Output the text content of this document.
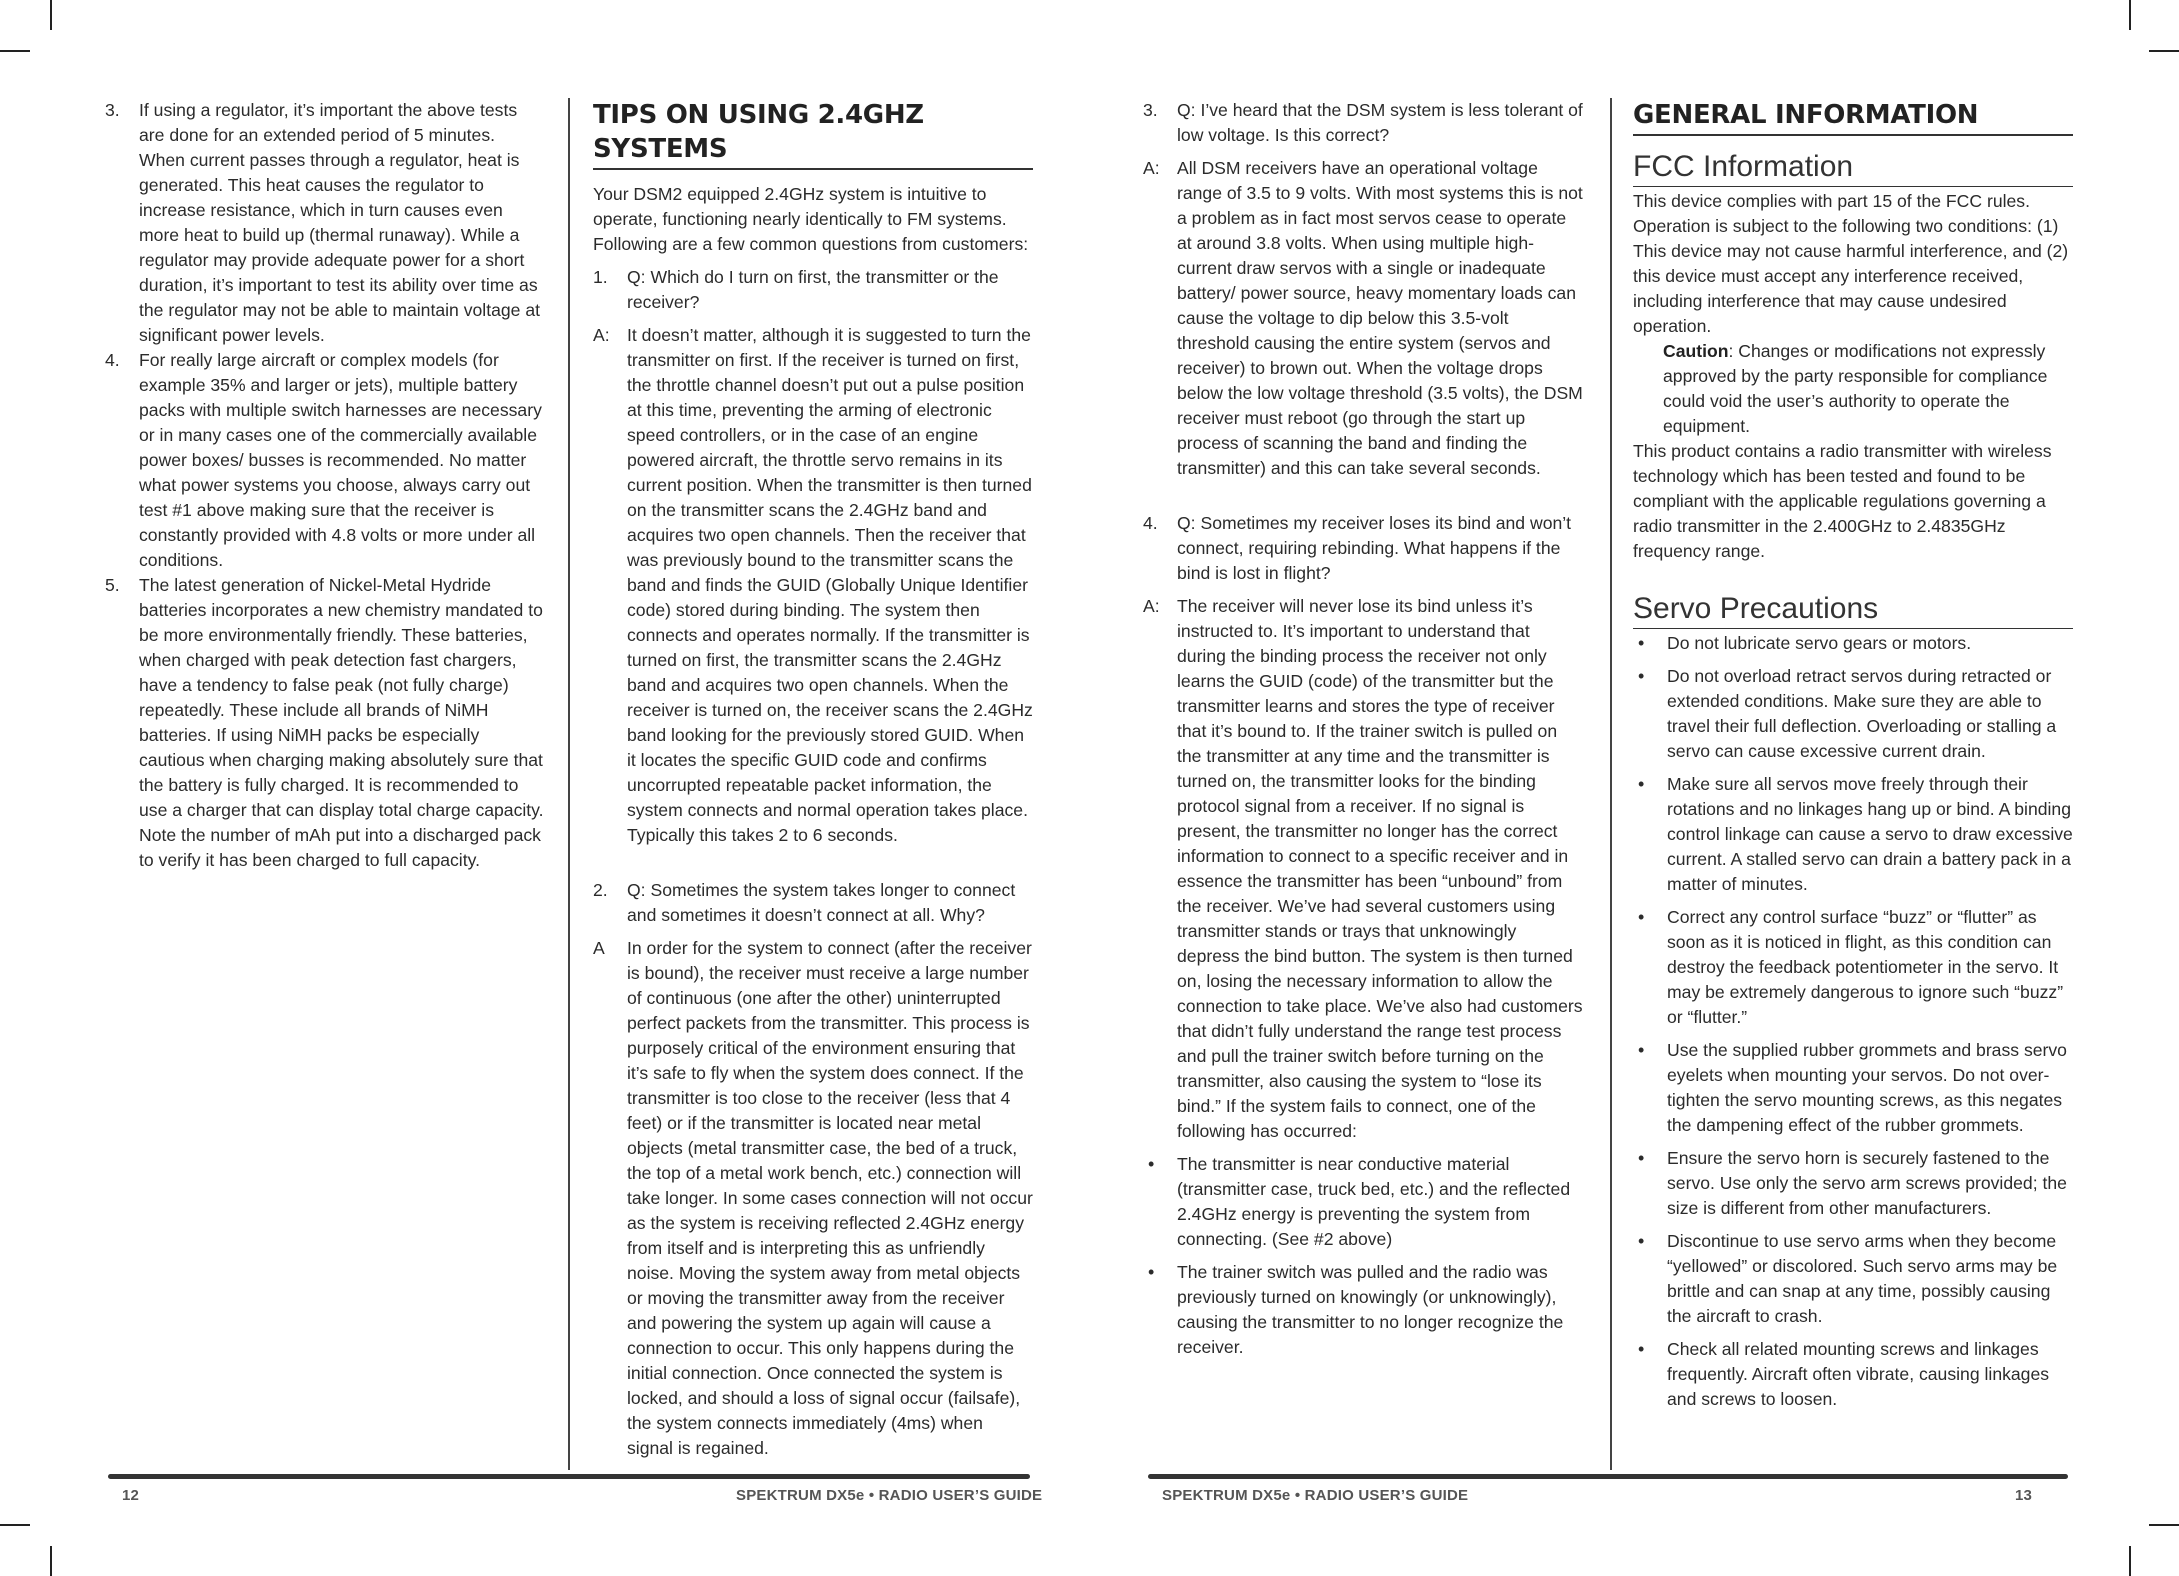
3. If using a regulator, it’s important the above tests are done for an extended period of 5 minutes. When current passes through a regulator, heat is generated. This heat causes the regulator to increase resistance, which in turn causes even more heat to build up (thermal runaway). While a regulator may provide adequate power for a short duration, it’s important to test its ability over time as the regulator may not be able to maintain voltage at significant power levels.

4. For really large aircraft or complex models (for example 35% and larger or jets), multiple battery packs with multiple switch harnesses are necessary or in many cases one of the commercially available power boxes/ busses is recommended. No matter what power systems you choose, always carry out test #1 above making sure that the receiver is constantly provided with 4.8 volts or more under all conditions.

5. The latest generation of Nickel-Metal Hydride batteries incorporates a new chemistry mandated to be more environmentally friendly. These batteries, when charged with peak detection fast chargers, have a tendency to false peak (not fully charge) repeatedly. These include all brands of NiMH batteries. If using NiMH packs be especially cautious when charging making absolutely sure that the battery is fully charged. It is recommended to use a charger that can display total charge capacity. Note the number of mAh put into a discharged pack to verify it has been charged to full capacity.

TIPS ON USING 2.4GHZ SYSTEMS

Your DSM2 equipped 2.4GHz system is intuitive to operate, functioning nearly identically to FM systems. Following are a few common questions from customers:

1. Q: Which do I turn on first, the transmitter or the receiver?

A: It doesn’t matter, although it is suggested to turn the transmitter on first. If the receiver is turned on first, the throttle channel doesn’t put out a pulse position at this time, preventing the arming of electronic speed controllers, or in the case of an engine powered aircraft, the throttle servo remains in its current position. When the transmitter is then turned on the transmitter scans the 2.4GHz band and acquires two open channels. Then the receiver that was previously bound to the transmitter scans the band and finds the GUID (Globally Unique Identifier code) stored during binding. The system then connects and operates normally. If the transmitter is turned on first, the transmitter scans the 2.4GHz band and acquires two open channels. When the receiver is turned on, the receiver scans the 2.4GHz band looking for the previously stored GUID. When it locates the specific GUID code and confirms uncorrupted repeatable packet information, the system connects and normal operation takes place. Typically this takes 2 to 6 seconds.

2. Q: Sometimes the system takes longer to connect and sometimes it doesn’t connect at all. Why?

A In order for the system to connect (after the receiver is bound), the receiver must receive a large number of continuous (one after the other) uninterrupted perfect packets from the transmitter. This process is purposely critical of the environment ensuring that it’s safe to fly when the system does connect. If the transmitter is too close to the receiver (less that 4 feet) or if the transmitter is located near metal objects (metal transmitter case, the bed of a truck, the top of a metal work bench, etc.) connection will take longer. In some cases connection will not occur as the system is receiving reflected 2.4GHz energy from itself and is interpreting this as unfriendly noise. Moving the system away from metal objects or moving the transmitter away from the receiver and powering the system up again will cause a connection to occur. This only happens during the initial connection. Once connected the system is locked, and should a loss of signal occur (failsafe), the system connects immediately (4ms) when signal is regained.

12	SPEKTRUM DX5e • RADIO USER’S GUIDE
3. Q: I’ve heard that the DSM system is less tolerant of low voltage. Is this correct?

A: All DSM receivers have an operational voltage range of 3.5 to 9 volts. With most systems this is not a problem as in fact most servos cease to operate at around 3.8 volts. When using multiple high-current draw servos with a single or inadequate battery/ power source, heavy momentary loads can cause the voltage to dip below this 3.5-volt threshold causing the entire system (servos and receiver) to brown out. When the voltage drops below the low voltage threshold (3.5 volts), the DSM receiver must reboot (go through the start up process of scanning the band and finding the transmitter) and this can take several seconds.

4. Q: Sometimes my receiver loses its bind and won’t connect, requiring rebinding. What happens if the bind is lost in flight?

A: The receiver will never lose its bind unless it’s instructed to. It’s important to understand that during the binding process the receiver not only learns the GUID (code) of the transmitter but the transmitter learns and stores the type of receiver that it’s bound to. If the trainer switch is pulled on the transmitter at any time and the transmitter is turned on, the transmitter looks for the binding protocol signal from a receiver. If no signal is present, the transmitter no longer has the correct information to connect to a specific receiver and in essence the transmitter has been “unbound” from the receiver. We’ve had several customers using transmitter stands or trays that unknowingly depress the bind button. The system is then turned on, losing the necessary information to allow the connection to take place. We’ve also had customers that didn’t fully understand the range test process and pull the trainer switch before turning on the transmitter, also causing the system to “lose its bind.” If the system fails to connect, one of the following has occurred:

• The transmitter is near conductive material (transmitter case, truck bed, etc.) and the reflected 2.4GHz energy is preventing the system from connecting. (See #2 above)

• The trainer switch was pulled and the radio was previously turned on knowingly (or unknowingly), causing the transmitter to no longer recognize the receiver.

GENERAL INFORMATION
FCC Information

This device complies with part 15 of the FCC rules. Operation is subject to the following two conditions: (1) This device may not cause harmful interference, and (2) this device must accept any interference received, including interference that may cause undesired operation.

Caution: Changes or modifications not expressly approved by the party responsible for compliance could void the user’s authority to operate the equipment.

This product contains a radio transmitter with wireless technology which has been tested and found to be compliant with the applicable regulations governing a radio transmitter in the 2.400GHz to 2.4835GHz frequency range.

Servo Precautions
• Do not lubricate servo gears or motors.

• Do not overload retract servos during retracted or extended conditions. Make sure they are able to travel their full deflection. Overloading or stalling a servo can cause excessive current drain.

• Make sure all servos move freely through their rotations and no linkages hang up or bind. A binding control linkage can cause a servo to draw excessive current. A stalled servo can drain a battery pack in a matter of minutes.

• Correct any control surface “buzz” or “flutter” as soon as it is noticed in flight, as this condition can destroy the feedback potentiometer in the servo. It may be extremely dangerous to ignore such “buzz” or “flutter.”

• Use the supplied rubber grommets and brass servo eyelets when mounting your servos. Do not over-tighten the servo mounting screws, as this negates the dampening effect of the rubber grommets.

• Ensure the servo horn is securely fastened to the servo. Use only the servo arm screws provided; the size is different from other manufacturers.

• Discontinue to use servo arms when they become “yellowed” or discolored. Such servo arms may be brittle and can snap at any time, possibly causing the aircraft to crash.

• Check all related mounting screws and linkages frequently. Aircraft often vibrate, causing linkages and screws to loosen.

SPEKTRUM DX5e • RADIO USER’S GUIDE	13
